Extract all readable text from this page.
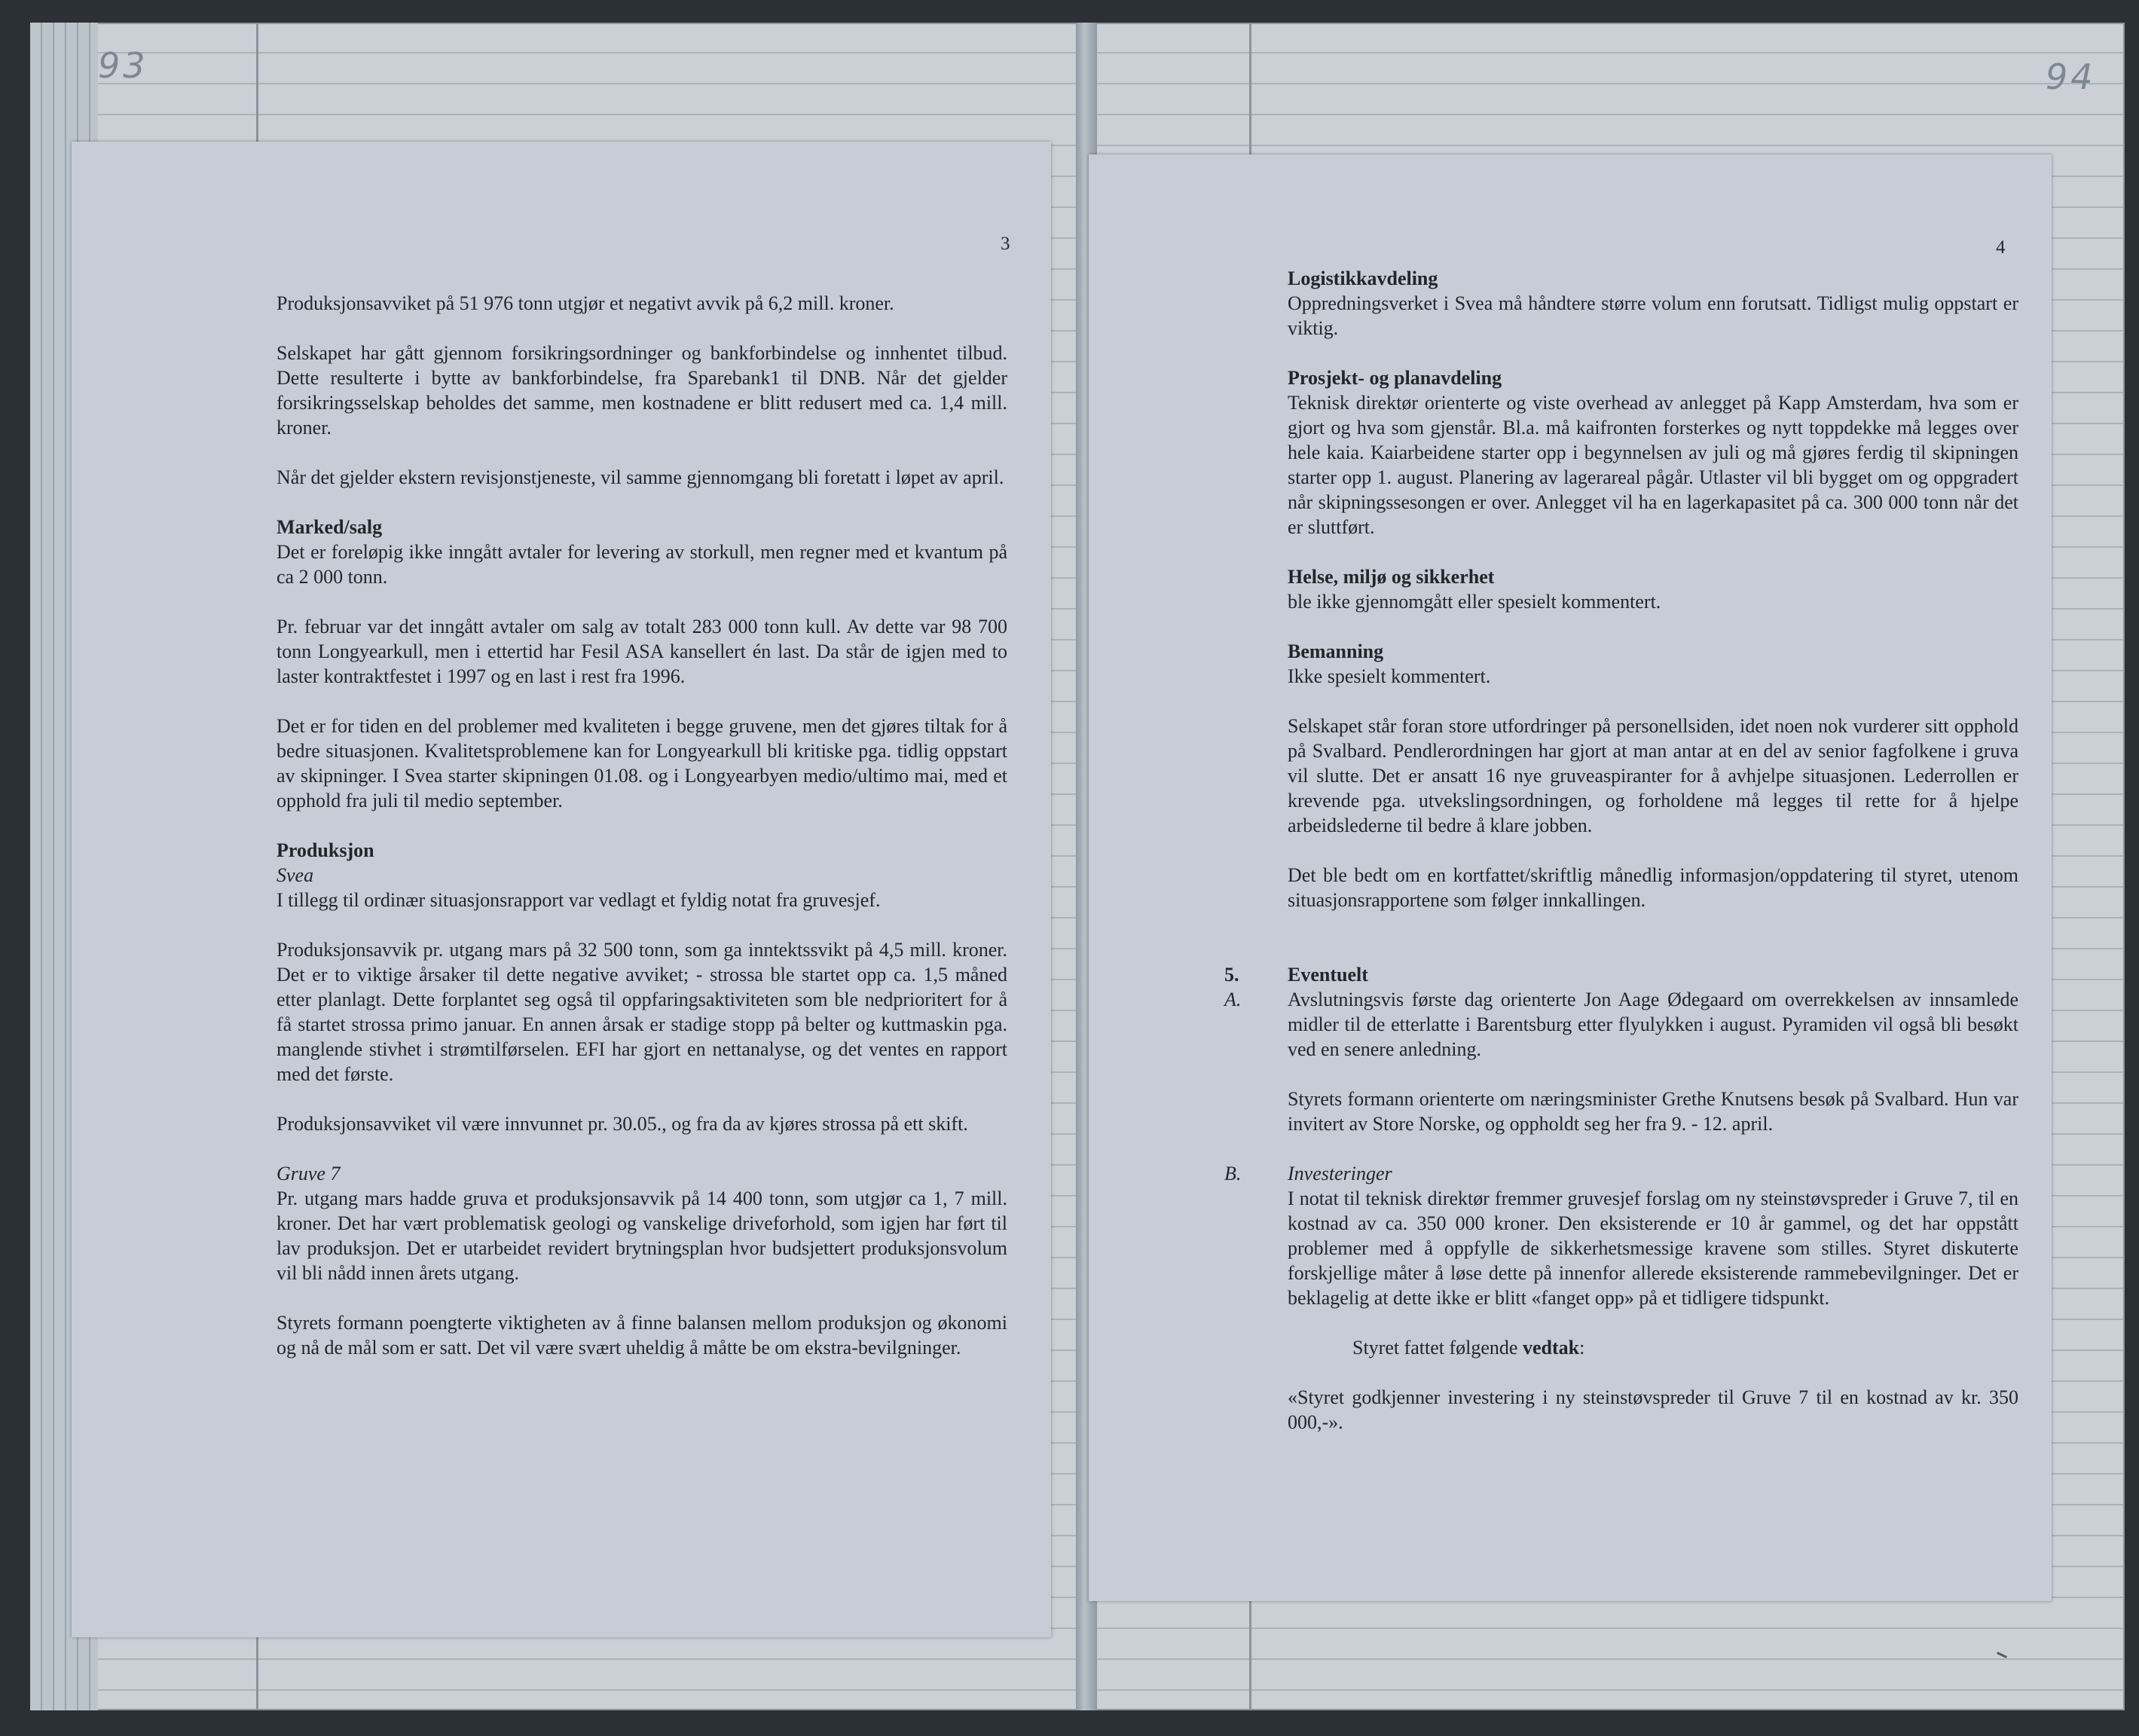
93	94
3

Produksjonsavviket på 51 976 tonn utgjør et negativt avvik på 6,2 mill. kroner.

Selskapet har gått gjennom forsikringsordninger og bankforbindelse og innhentet tilbud. Dette resulterte i bytte av bankforbindelse, fra Sparebank1 til DNB. Når det gjelder forsikringsselskap beholdes det samme, men kostnadene er blitt redusert med ca. 1,4 mill. kroner.

Når det gjelder ekstern revisjonstjeneste, vil samme gjennomgang bli foretatt i løpet av april.

Marked/salg

Det er foreløpig ikke inngått avtaler for levering av storkull, men regner med et kvantum på ca 2 000 tonn.

Pr. februar var det inngått avtaler om salg av totalt 283 000 tonn kull. Av dette var 98 700 tonn Longyearkull, men i ettertid har Fesil ASA kansellert én last. Da står de igjen med to laster kontraktfestet i 1997 og en last i rest fra 1996.

Det er for tiden en del problemer med kvaliteten i begge gruvene, men det gjøres tiltak for å bedre situasjonen. Kvalitetsproblemene kan for Longyearkull bli kritiske pga. tidlig oppstart av skipninger. I Svea starter skipningen 01.08. og i Longyearbyen medio/ultimo mai, med et opphold fra juli til medio september.

Produksjon
Svea

I tillegg til ordinær situasjonsrapport var vedlagt et fyldig notat fra gruvesjef.

Produksjonsavvik pr. utgang mars på 32 500 tonn, som ga inntektssvikt på 4,5 mill. kroner. Det er to viktige årsaker til dette negative avviket; - strossa ble startet opp ca. 1,5 måned etter planlagt. Dette forplantet seg også til oppfaringsaktiviteten som ble nedprioritert for å få startet strossa primo januar. En annen årsak er stadige stopp på belter og kuttmaskin pga. manglende stivhet i strømtilførselen. EFI har gjort en nettanalyse, og det ventes en rapport med det første.

Produksjonsavviket vil være innvunnet pr. 30.05., og fra da av kjøres strossa på ett skift.

Gruve 7

Pr. utgang mars hadde gruva et produksjonsavvik på 14 400 tonn, som utgjør ca 1, 7 mill. kroner. Det har vært problematisk geologi og vanskelige driveforhold, som igjen har ført til lav produksjon. Det er utarbeidet revidert brytningsplan hvor budsjettert produksjonsvolum vil bli nådd innen årets utgang.

Styrets formann poengterte viktigheten av å finne balansen mellom produksjon og økonomi og nå de mål som er satt. Det vil være svært uheldig å måtte be om ekstra-bevilgninger.

4
Logistikkavdeling

Oppredningsverket i Svea må håndtere større volum enn forutsatt. Tidligst mulig oppstart er viktig.

Prosjekt- og planavdeling

Teknisk direktør orienterte og viste overhead av anlegget på Kapp Amsterdam, hva som er gjort og hva som gjenstår. Bl.a. må kaifronten forsterkes og nytt toppdekke må legges over hele kaia. Kaiarbeidene starter opp i begynnelsen av juli og må gjøres ferdig til skipningen starter opp 1. august. Planering av lagerareal pågår. Utlaster vil bli bygget om og oppgradert når skipningssesongen er over. Anlegget vil ha en lagerkapasitet på ca. 300 000 tonn når det er sluttført.

Helse, miljø og sikkerhet

ble ikke gjennomgått eller spesielt kommentert.

Bemanning

Ikke spesielt kommentert.

Selskapet står foran store utfordringer på personellsiden, idet noen nok vurderer sitt opphold på Svalbard. Pendlerordningen har gjort at man antar at en del av senior fagfolkene i gruva vil slutte. Det er ansatt 16 nye gruveaspiranter for å avhjelpe situasjonen. Lederrollen er krevende pga. utvekslingsordningen, og forholdene må legges til rette for å hjelpe arbeidslederne til bedre å klare jobben.

Det ble bedt om en kortfattet/skriftlig månedlig informasjon/oppdatering til styret, utenom situasjonsrapportene som følger innkallingen.

5. Eventuelt
A. Avslutningsvis første dag orienterte Jon Aage Ødegaard om overrekkelsen av innsamlede midler til de etterlatte i Barentsburg etter flyulykken i august. Pyramiden vil også bli besøkt ved en senere anledning.

Styrets formann orienterte om næringsminister Grethe Knutsens besøk på Svalbard. Hun var invitert av Store Norske, og oppholdt seg her fra 9. - 12. april.

B. Investeringer

I notat til teknisk direktør fremmer gruvesjef forslag om ny steinstøvspreder i Gruve 7, til en kostnad av ca. 350 000 kroner. Den eksisterende er 10 år gammel, og det har oppstått problemer med å oppfylle de sikkerhetsmessige kravene som stilles. Styret diskuterte forskjellige måter å løse dette på innenfor allerede eksisterende rammebevilgninger. Det er beklagelig at dette ikke er blitt «fanget opp» på et tidligere tidspunkt.

Styret fattet følgende vedtak:

«Styret godkjenner investering i ny steinstøvspreder til Gruve 7 til en kostnad av kr. 350 000,-».
